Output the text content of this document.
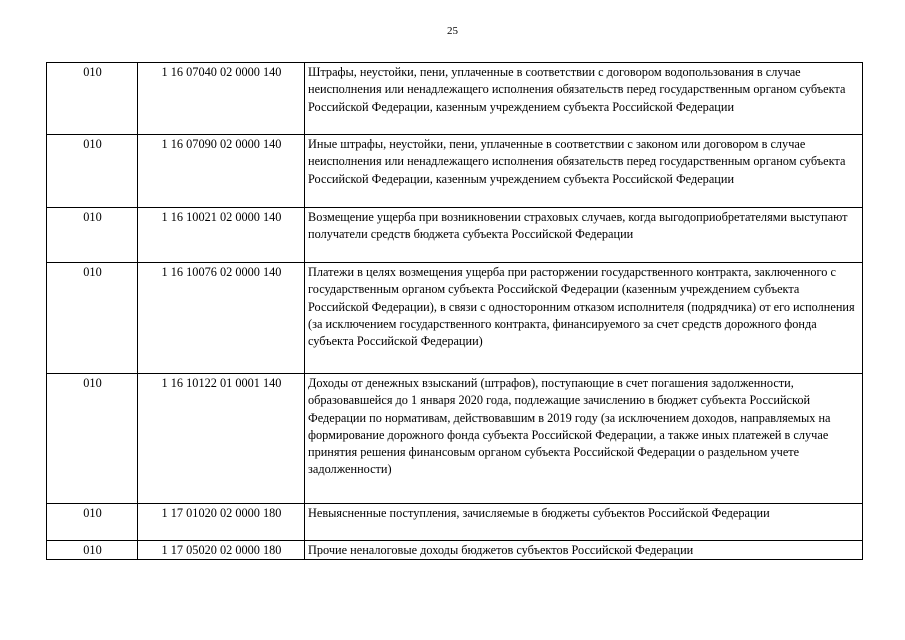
25
010	1 16 07040 02 0000 140	Штрафы, неустойки, пени, уплаченные в соответствии с договором водопользования в случае неисполнения или ненадлежащего исполнения обязательств перед государственным органом субъекта Российской Федерации, казенным учреждением субъекта Российской Федерации
010	1 16 07090 02 0000 140	Иные штрафы, неустойки, пени, уплаченные в соответствии с законом или договором в случае неисполнения или ненадлежащего исполнения обязательств перед государственным органом субъекта Российской Федерации, казенным учреждением субъекта Российской Федерации
010	1 16 10021 02 0000 140	Возмещение ущерба при возникновении страховых случаев, когда выгодоприобретателями выступают получатели средств бюджета субъекта Российской Федерации
010	1 16 10076 02 0000 140	Платежи в целях возмещения ущерба при расторжении государственного контракта, заключенного с государственным органом субъекта Российской Федерации (казенным учреждением субъекта Российской Федерации), в связи с односторонним отказом исполнителя (подрядчика) от его исполнения (за исключением государственного контракта, финансируемого за счет средств дорожного фонда субъекта Российской Федерации)
010	1 16 10122 01 0001 140	Доходы от денежных взысканий (штрафов), поступающие в счет погашения задолженности, образовавшейся до 1 января 2020 года, подлежащие зачислению в бюджет субъекта Российской Федерации по нормативам, действовавшим в 2019 году (за исключением доходов, направляемых на формирование дорожного фонда субъекта Российской Федерации, а также иных платежей в случае принятия решения финансовым органом субъекта Российской Федерации о раздельном учете задолженности)
010	1 17 01020 02 0000 180	Невыясненные поступления, зачисляемые в бюджеты субъектов Российской Федерации
010	1 17 05020 02 0000 180	Прочие неналоговые доходы бюджетов субъектов Российской Федерации
